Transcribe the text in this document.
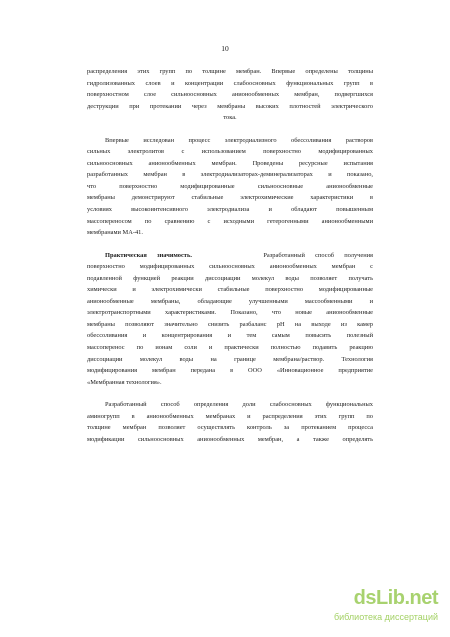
10

распределения этих групп по толщине мембран. Впервые определены толщины
гидролизованных слоев и концентрации слабоосновных функциональных групп в
поверхностном слое сильноосновных анионообменных мембран, подвергшихся
деструкции при протекании через мембраны высоких плотностей электрического
тока.

Впервые исследован процесс электродиализного обессоливания растворов
сильных электролитов с использованием поверхностно модифицированных
сильноосновных анионообменных мембран. Проведены ресурсные испытания
разработанных мембран в электродиализаторах-деминерализаторах и показано,
что поверхностно модифицированные сильноосновные анионообменные
мембраны демонстрируют стабильные электрохимические характеристики в
условиях высокоинтенсивного электродиализа и обладают повышенным
массопереносом по сравнению с исходными гетерогенными анионообменными
мембранами МА-41.

Практическая значимость.	Разработанный способ получения
поверхностно модифицированных сильноосновных анионообменных мембран с
подавленной функцией реакции диссоциации молекул воды позволяет получать
химически и электрохимически стабильные поверхностно модифицированные
анионообменные мембраны, обладающие улучшенными массообменными и
электротранспортными характеристиками. Показано, что новые анионообменные
мембраны позволяют значительно снизить разбаланс рН на выходе из камер
обессоливания и концентрирования и тем самым повысить полезный
массоперенос по ионам соли и практически полностью подавить реакцию
диссоциации молекул воды на границе мембрана/раствор. Технология
модифицирования мембран передана в ООО «Инновационное предприятие
«Мембранная технология».

Разработанный способ определения доли слабоосновных функциональных
аминогрупп в анионообменных мембранах и распределения этих групп по
толщине мембран позволяет осуществлять контроль за протеканием процесса
модификации сильноосновных анионообменных мембран, а также определять

dsLib.net
библиотека диссертаций
